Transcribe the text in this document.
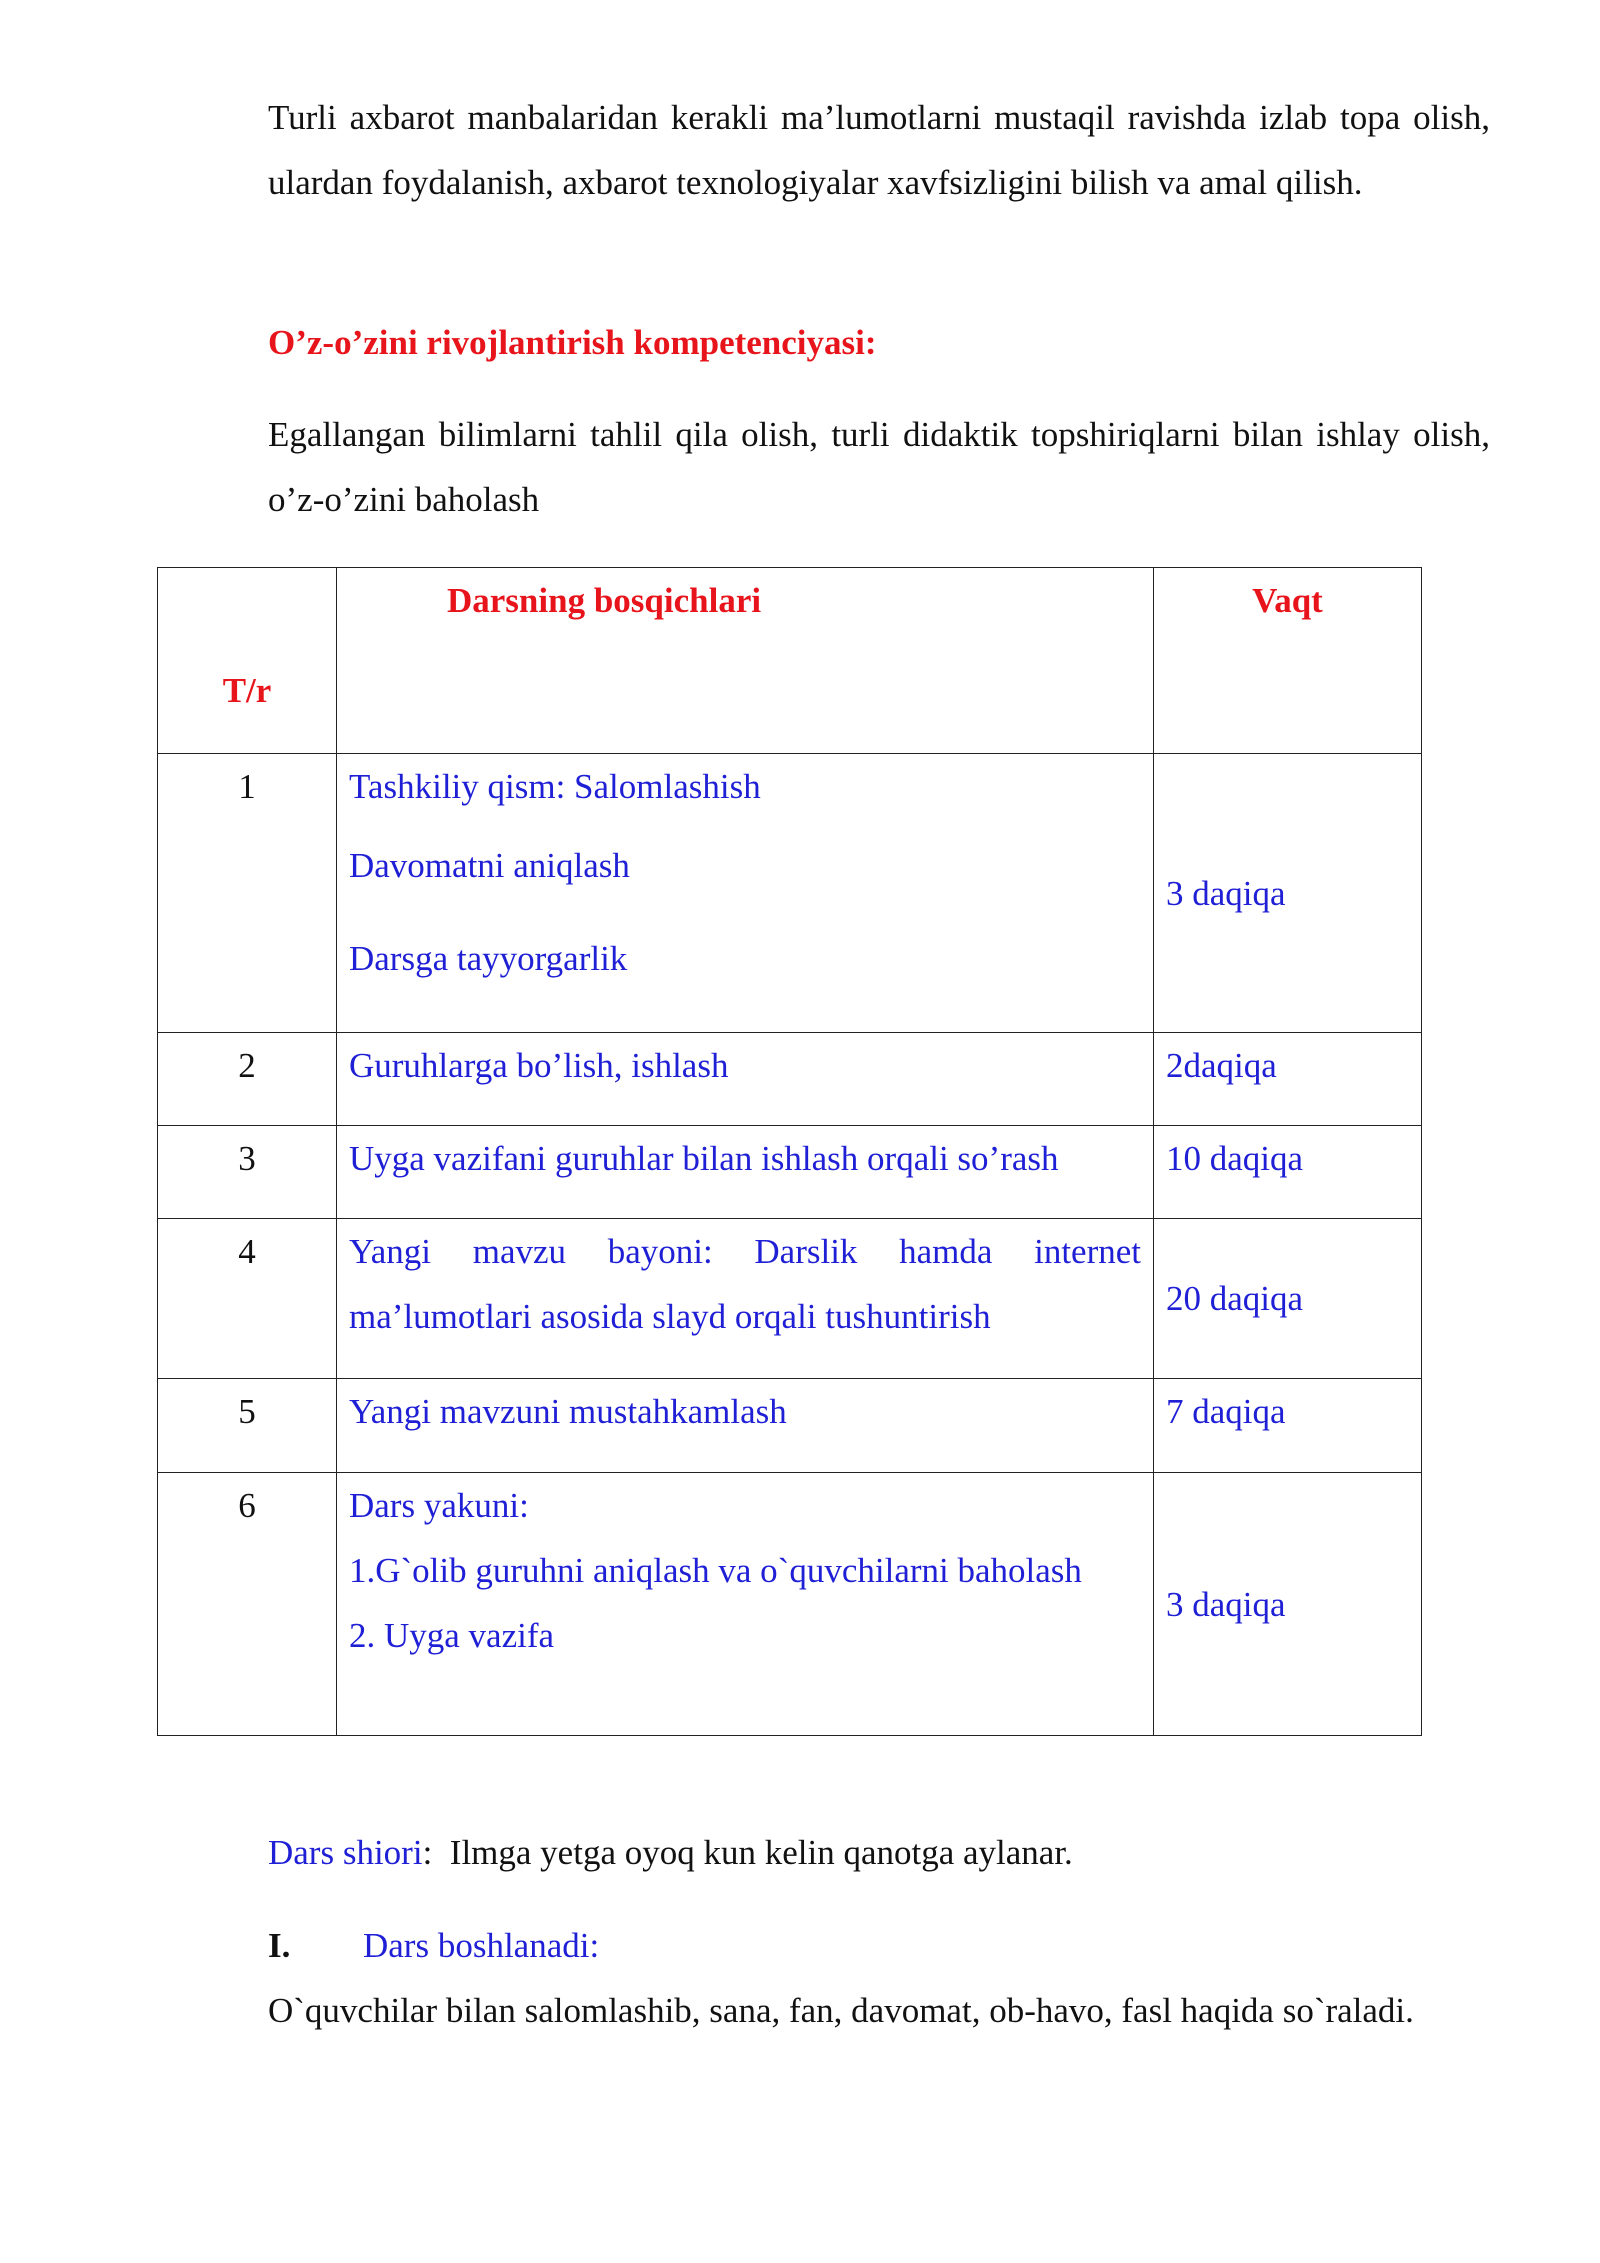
Turli axbarot manbalaridan kerakli ma’lumotlarni mustaqil ravishda izlab topa olish, ulardan foydalanish, axbarot texnologiyalar xavfsizligini bilish va amal qilish.
O’z-o’zini rivojlantirish kompetenciyasi:
Egallangan bilimlarni tahlil qila olish, turli didaktik topshiriqlarni bilan ishlay olish, o’z-o’zini baholash
T/r	Darsning bosqichlari	Vaqt
1	Tashkiliy qism: Salomlashish
Davomatni aniqlash
Darsga tayyorgarlik	3 daqiqa
2	Guruhlarga bo’lish, ishlash	2daqiqa
3	Uyga vazifani guruhlar bilan ishlash orqali so’rash	10 daqiqa
4	Yangi mavzu bayoni: Darslik hamda internet ma’lumotlari asosida slayd orqali tushuntirish	20 daqiqa
5	Yangi mavzuni mustahkamlash	7 daqiqa
6	Dars yakuni:
1.G`olib guruhni aniqlash va o`quvchilarni baholash
2. Uyga vazifa	3 daqiqa
Dars shiori: Ilmga yetga oyoq kun kelin qanotga aylanar.
I. Dars boshlanadi:
O`quvchilar bilan salomlashib, sana, fan, davomat, ob-havo, fasl haqida so`raladi.
